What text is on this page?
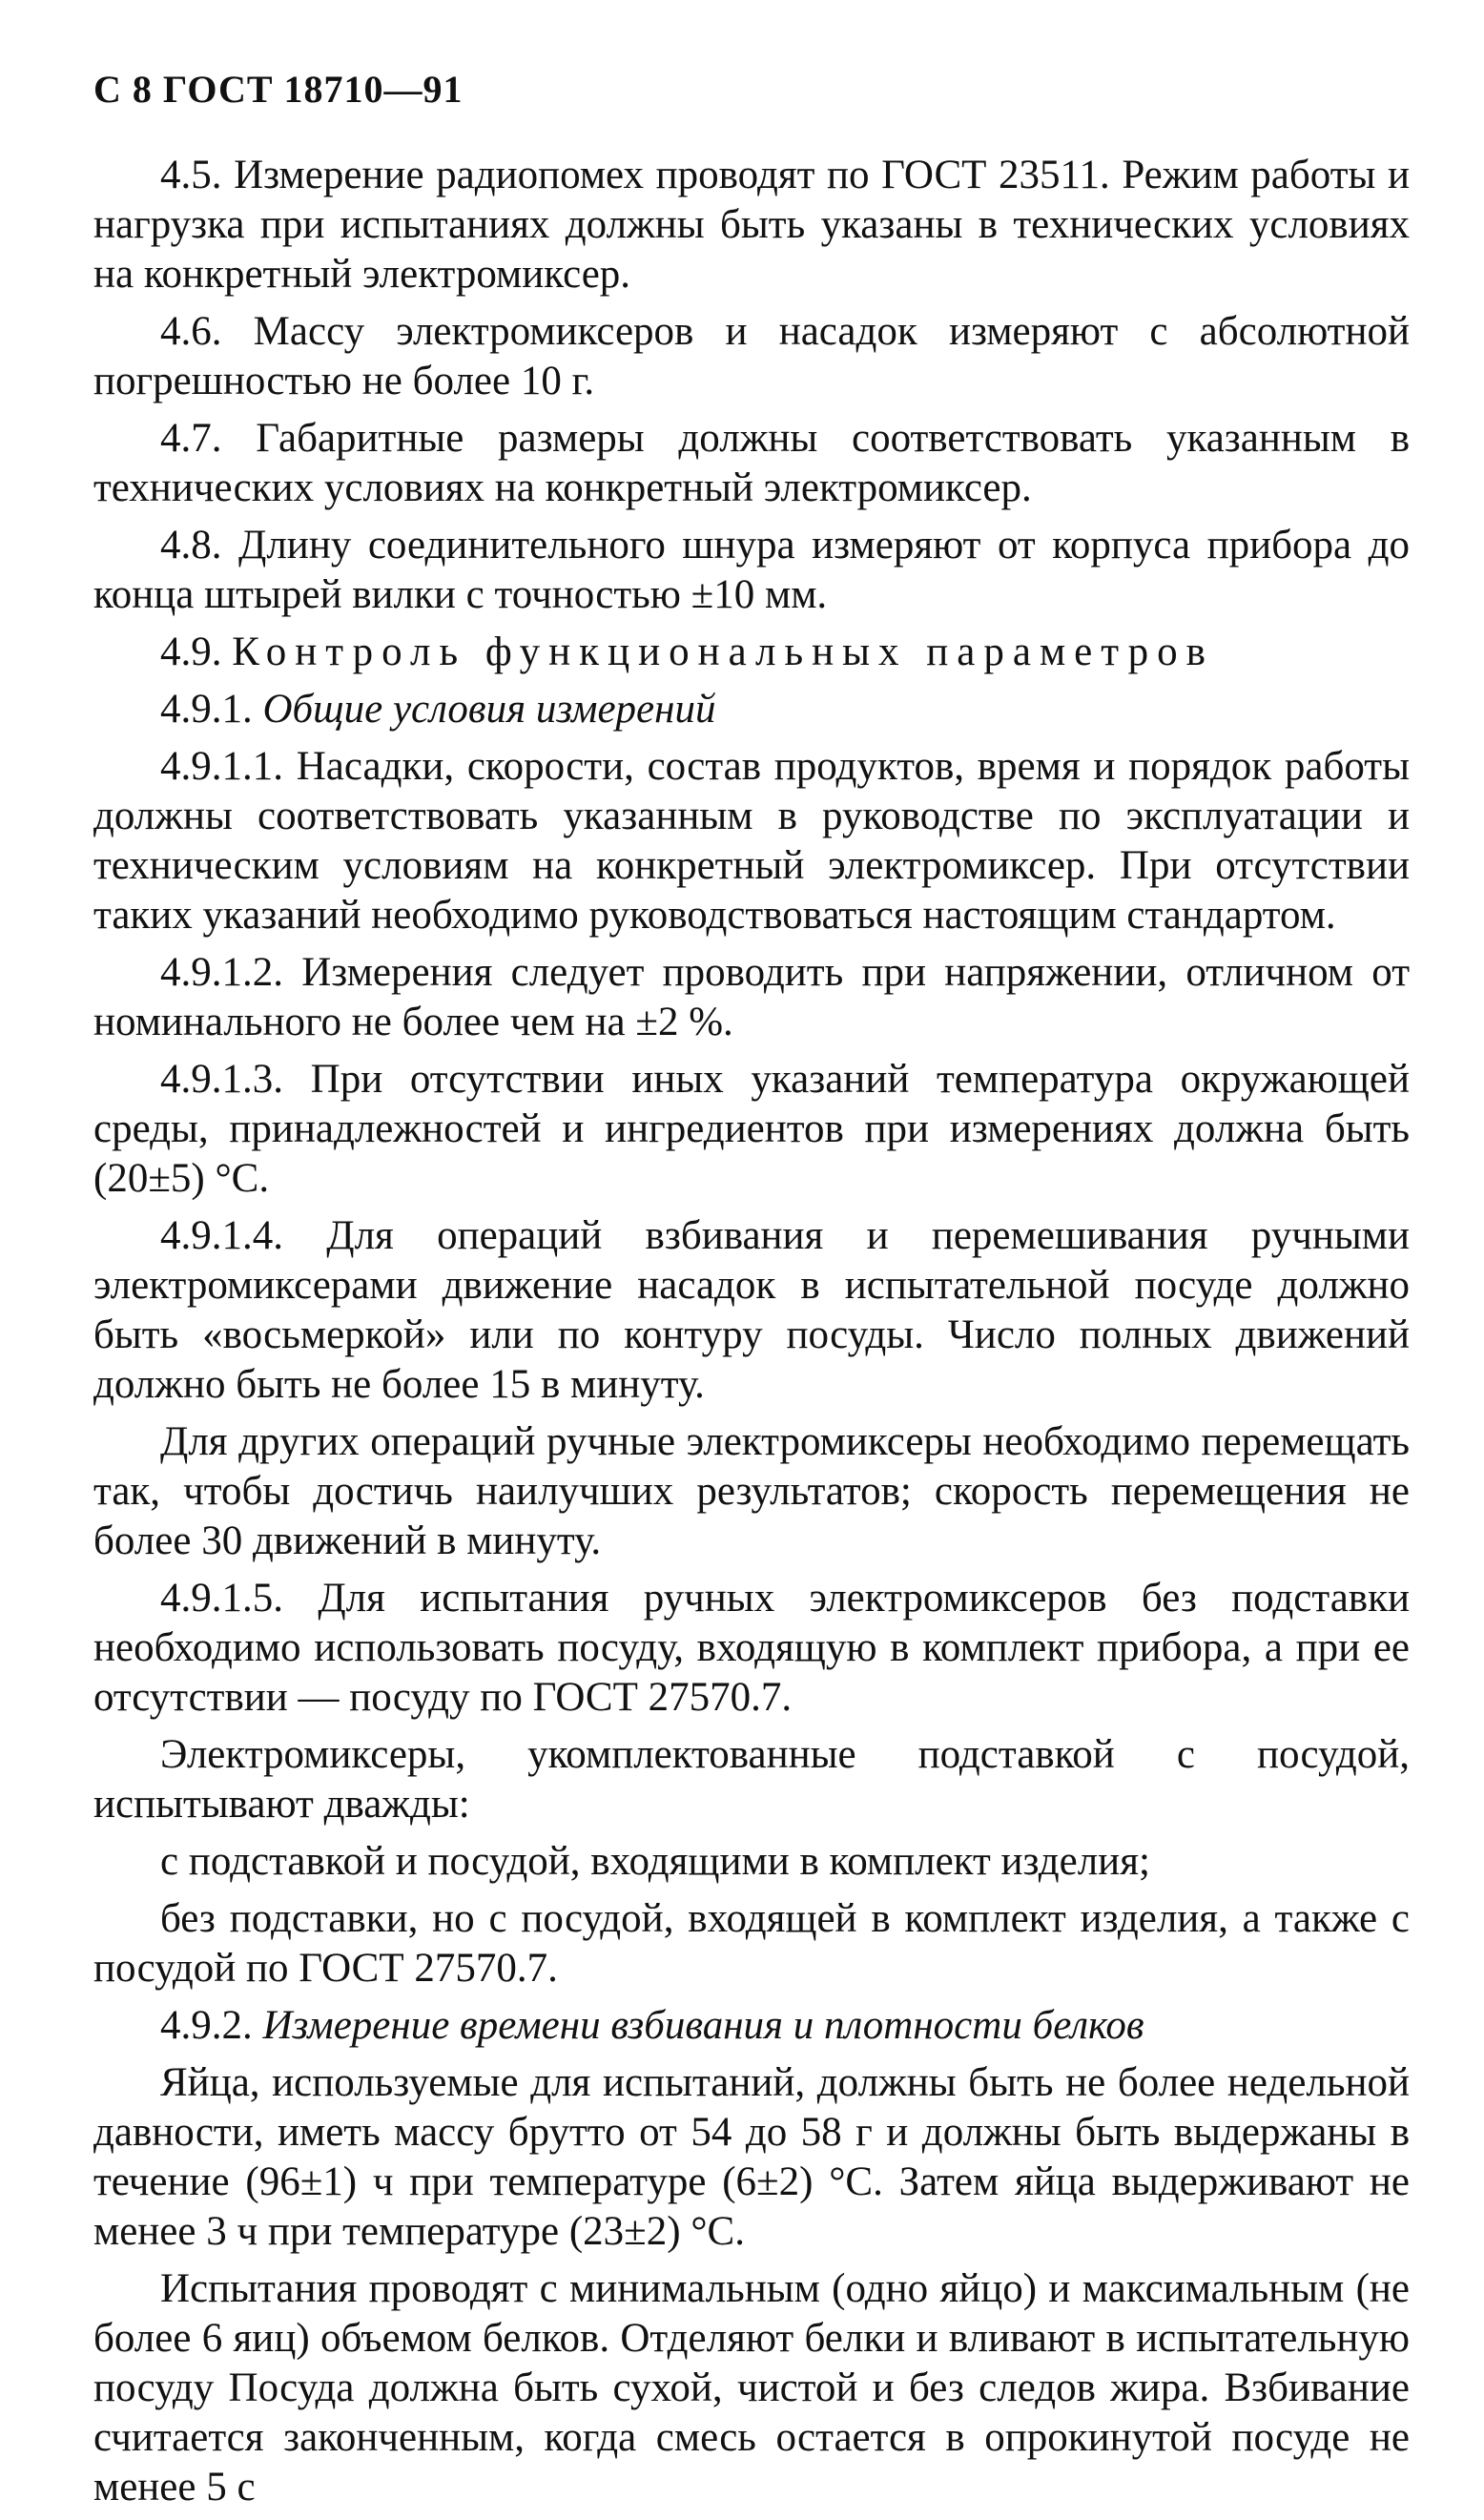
С 8 ГОСТ 18710—91

4.5. Измерение радиопомех проводят по ГОСТ 23511. Режим работы и нагрузка при испытаниях должны быть указаны в технических условиях на конкретный электромиксер.

4.6. Массу электромиксеров и насадок измеряют с абсолютной погрешностью не более 10 г.

4.7. Габаритные размеры должны соответствовать указанным в технических условиях на конкретный электромиксер.

4.8. Длину соединительного шнура измеряют от корпуса прибора до конца штырей вилки с точностью ±10 мм.

4.9. Контроль функциональных параметров

4.9.1. Общие условия измерений

4.9.1.1. Насадки, скорости, состав продуктов, время и порядок работы должны соответствовать указанным в руководстве по эксплуатации и техническим условиям на конкретный электромиксер. При отсутствии таких указаний необходимо руководствоваться настоящим стандартом.

4.9.1.2. Измерения следует проводить при напряжении, отличном от номинального не более чем на ±2 %.

4.9.1.3. При отсутствии иных указаний температура окружающей среды, принадлежностей и ингредиентов при измерениях должна быть (20±5) °С.

4.9.1.4. Для операций взбивания и перемешивания ручными электромиксерами движение насадок в испытательной посуде должно быть «восьмеркой» или по контуру посуды. Число полных движений должно быть не более 15 в минуту.

Для других операций ручные электромиксеры необходимо перемещать так, чтобы достичь наилучших результатов; скорость перемещения не более 30 движений в минуту.

4.9.1.5. Для испытания ручных электромиксеров без подставки необходимо использовать посуду, входящую в комплект прибора, а при ее отсутствии — посуду по ГОСТ 27570.7.

Электромиксеры, укомплектованные подставкой с посудой, испытывают дважды:

с подставкой и посудой, входящими в комплект изделия;

без подставки, но с посудой, входящей в комплект изделия, а также с посудой по ГОСТ 27570.7.

4.9.2. Измерение времени взбивания и плотности белков

Яйца, используемые для испытаний, должны быть не более недельной давности, иметь массу брутто от 54 до 58 г и должны быть выдержаны в течение (96±1) ч при температуре (6±2) °С. Затем яйца выдерживают не менее 3 ч при температуре (23±2) °С.

Испытания проводят с минимальным (одно яйцо) и максимальным (не более 6 яиц) объемом белков. Отделяют белки и вливают в испытательную посуду Посуда должна быть сухой, чистой и без следов жира. Взбивание считается законченным, когда смесь остается в опрокинутой посуде не менее 5 с
